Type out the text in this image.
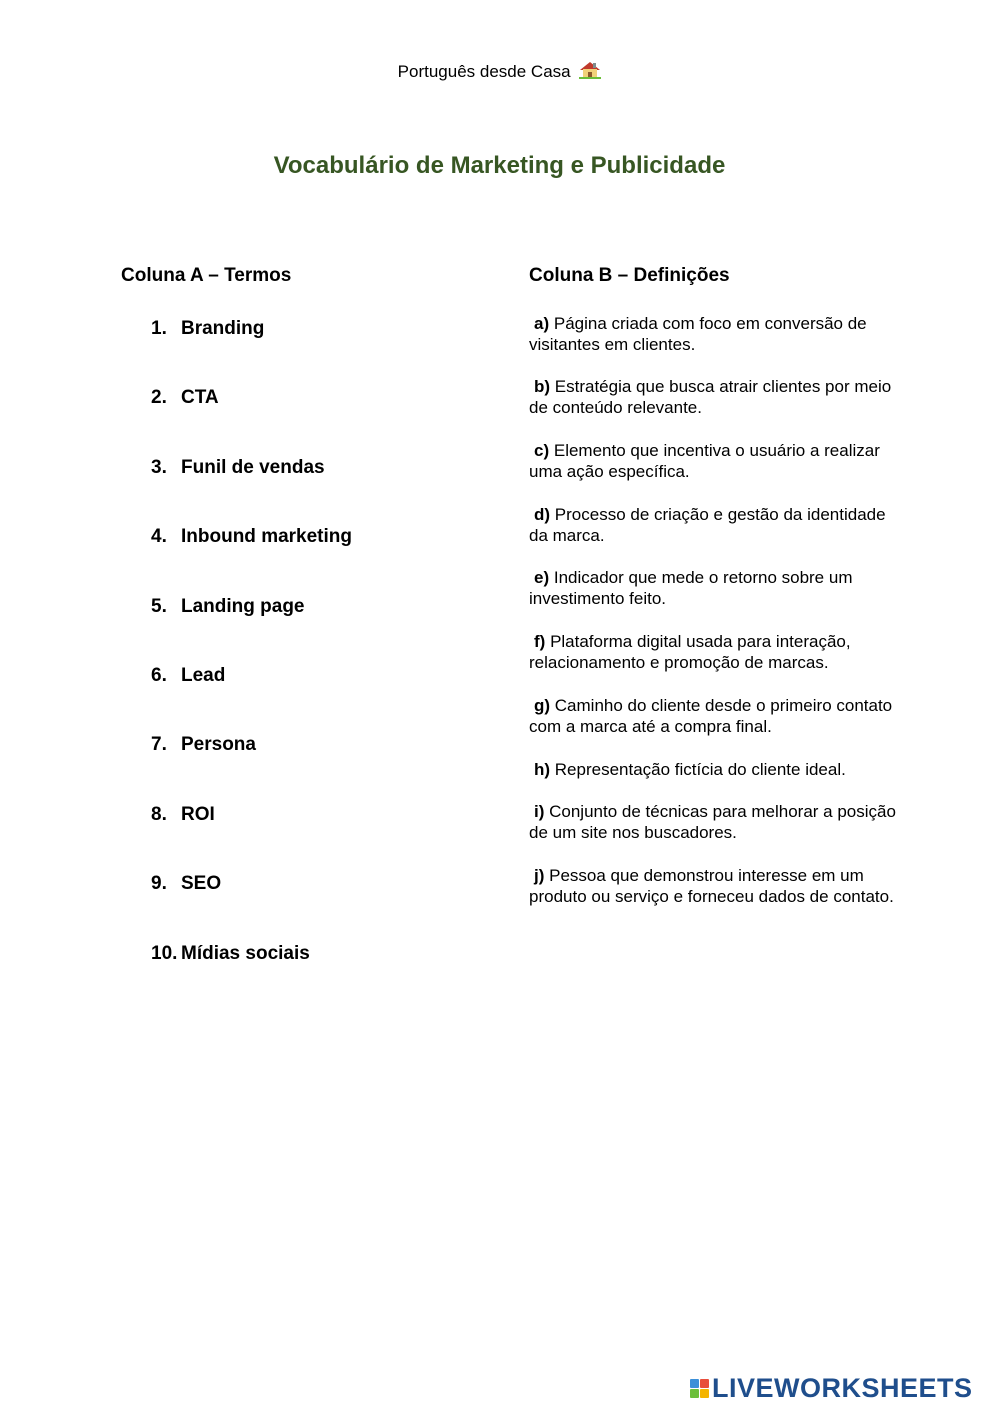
Português desde Casa
Vocabulário de Marketing e Publicidade
Coluna A – Termos	Coluna B – Definições
1. Branding
2. CTA
3. Funil de vendas
4. Inbound marketing
5. Landing page
6. Lead
7. Persona
8. ROI
9. SEO
10. Mídias sociais
a) Página criada com foco em conversão de visitantes em clientes.
b) Estratégia que busca atrair clientes por meio de conteúdo relevante.
c) Elemento que incentiva o usuário a realizar uma ação específica.
d) Processo de criação e gestão da identidade da marca.
e) Indicador que mede o retorno sobre um investimento feito.
f) Plataforma digital usada para interação, relacionamento e promoção de marcas.
g) Caminho do cliente desde o primeiro contato com a marca até a compra final.
h) Representação fictícia do cliente ideal.
i) Conjunto de técnicas para melhorar a posição de um site nos buscadores.
j) Pessoa que demonstrou interesse em um produto ou serviço e forneceu dados de contato.
LIVEWORKSHEETS
